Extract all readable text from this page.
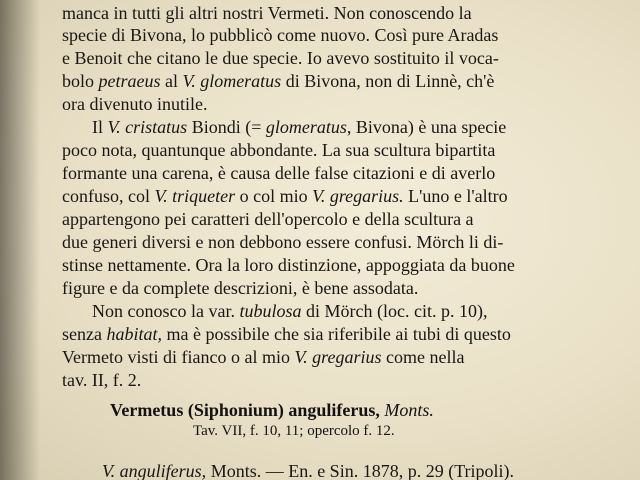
manca in tutti gli altri nostri Vermeti. Non conoscendo la
specie di Bivona, lo pubblicò come nuovo. Così pure Aradas
e Benoit che citano le due specie. Io avevo sostituito il voca-
bolo petraeus al V. glomeratus di Bivona, non di Linnè, ch'è
ora divenuto inutile.
Il V. cristatus Biondi (= glomeratus, Bivona) è una specie
poco nota, quantunque abbondante. La sua scultura bipartita
formante una carena, è causa delle false citazioni e di averlo
confuso, col V. triqueter o col mio V. gregarius. L'uno e l'altro
appartengono pei caratteri dell'opercolo e della scultura a
due generi diversi e non debbono essere confusi. Mörch li di-
stinse nettamente. Ora la loro distinzione, appoggiata da buone
figure e da complete descrizioni, è bene assodata.
Non conosco la var. tubulosa di Mörch (loc. cit. p. 10),
senza habitat, ma è possibile che sia riferibile ai tubi di questo
Vermeto visti di fianco o al mio V. gregarius come nella
tav. II, f. 2.
Vermetus (Siphonium) anguliferus, Monts.
Tav. VII, f. 10, 11; opercolo f. 12.
V. anguliferus, Monts. — En. e Sin. 1878, p. 29 (Tripoli).
